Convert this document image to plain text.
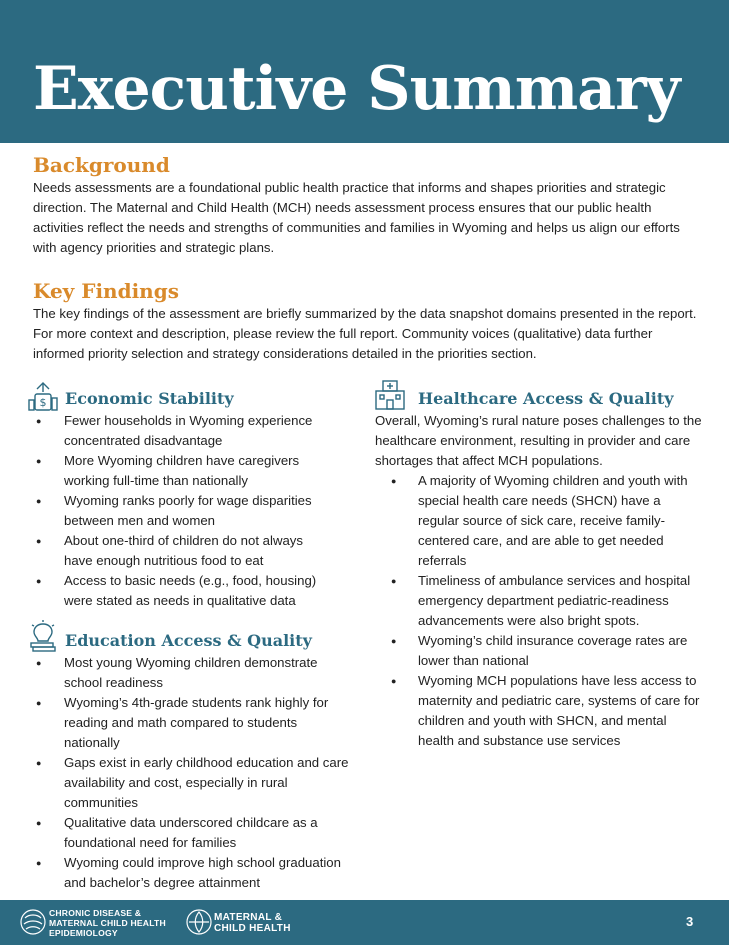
Executive Summary
Background

Needs assessments are a foundational public health practice that informs and shapes priorities and strategic direction. The Maternal and Child Health (MCH) needs assessment process ensures that our public health activities reflect the needs and strengths of communities and families in Wyoming and helps us align our efforts with agency priorities and strategic plans.

Key Findings

The key findings of the assessment are briefly summarized by the data snapshot domains presented in the report. For more context and description, please review the full report. Community voices (qualitative) data further informed priority selection and strategy considerations detailed in the priorities section.

$ Economic Stability
● Fewer households in Wyoming experience concentrated disadvantage
● More Wyoming children have caregivers working full-time than nationally
● Wyoming ranks poorly for wage disparities between men and women
● About one-third of children do not always have enough nutritious food to eat
● Access to basic needs (e.g., food, housing) were stated as needs in qualitative data
Education Access & Quality
● Most young Wyoming children demonstrate school readiness
● Wyoming’s 4th-grade students rank highly for reading and math compared to students nationally
● Gaps exist in early childhood education and care availability and cost, especially in rural communities
● Qualitative data underscored childcare as a foundational need for families
● Wyoming could improve high school graduation and bachelor’s degree attainment
Healthcare Access & Quality

Overall, Wyoming’s rural nature poses challenges to the healthcare environment, resulting in provider and care shortages that affect MCH populations.

● A majority of Wyoming children and youth with special health care needs (SHCN) have a regular source of sick care, receive family-centered care, and are able to get needed referrals
● Timeliness of ambulance services and hospital emergency department pediatric-readiness advancements were also bright spots.
● Wyoming’s child insurance coverage rates are lower than national
● Wyoming MCH populations have less access to maternity and pediatric care, systems of care for children and youth with SHCN, and mental health and substance use services
CHRONIC DISEASE &
MATERNAL CHILD HEALTH
EPIDEMIOLOGY
MATERNAL &
CHILD HEALTH	3
